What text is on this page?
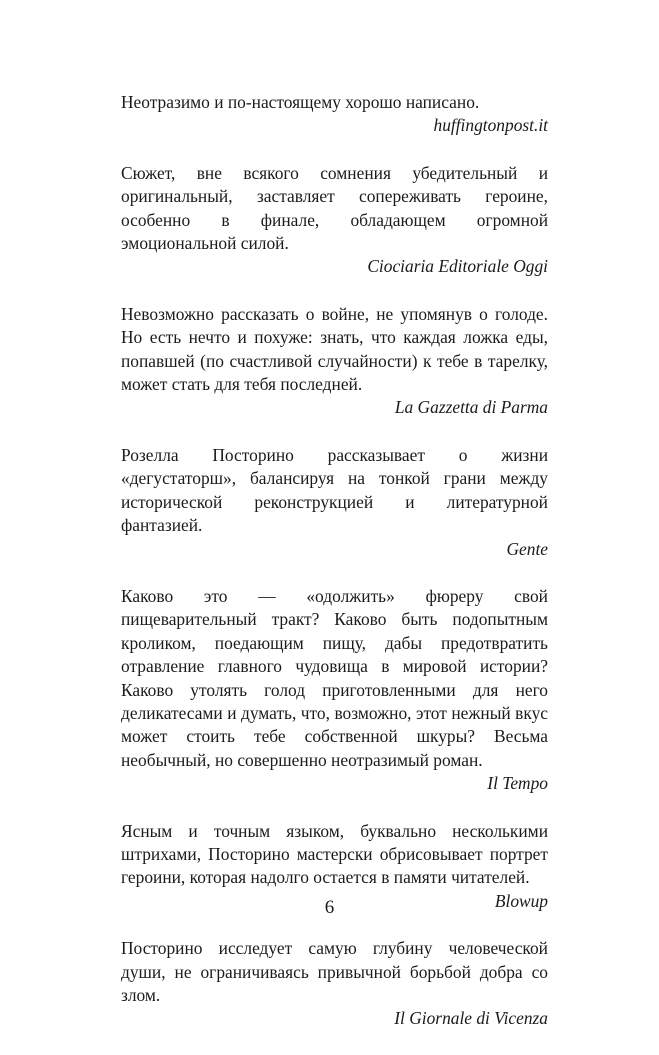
Неотразимо и по-настоящему хорошо написано.

huffingtonpost.it

Сюжет, вне всякого сомнения убедительный и оригинальный, заставляет сопереживать героине, особенно в финале, обладающем огромной эмоциональной силой.

Ciociaria Editoriale Oggi

Невозможно рассказать о войне, не упомянув о голоде. Но есть нечто и похуже: знать, что каждая ложка еды, попавшей (по счастливой случайности) к тебе в тарелку, может стать для тебя последней.

La Gazzetta di Parma

Розелла Посторино рассказывает о жизни «дегустаторш», балансируя на тонкой грани между исторической реконструкцией и литературной фантазией.

Gente

Каково это — «одолжить» фюреру свой пищеварительный тракт? Каково быть подопытным кроликом, поедающим пищу, дабы предотвратить отравление главного чудовища в мировой истории? Каково утолять голод приготовленными для него деликатесами и думать, что, возможно, этот нежный вкус может стоить тебе собственной шкуры? Весьма необычный, но совершенно неотразимый роман.

Il Tempo

Ясным и точным языком, буквально несколькими штрихами, Посторино мастерски обрисовывает портрет героини, которая надолго остается в памяти читателей.

Blowup

Посторино исследует самую глубину человеческой души, не ограничиваясь привычной борьбой добра со злом.

Il Giornale di Vicenza

6
